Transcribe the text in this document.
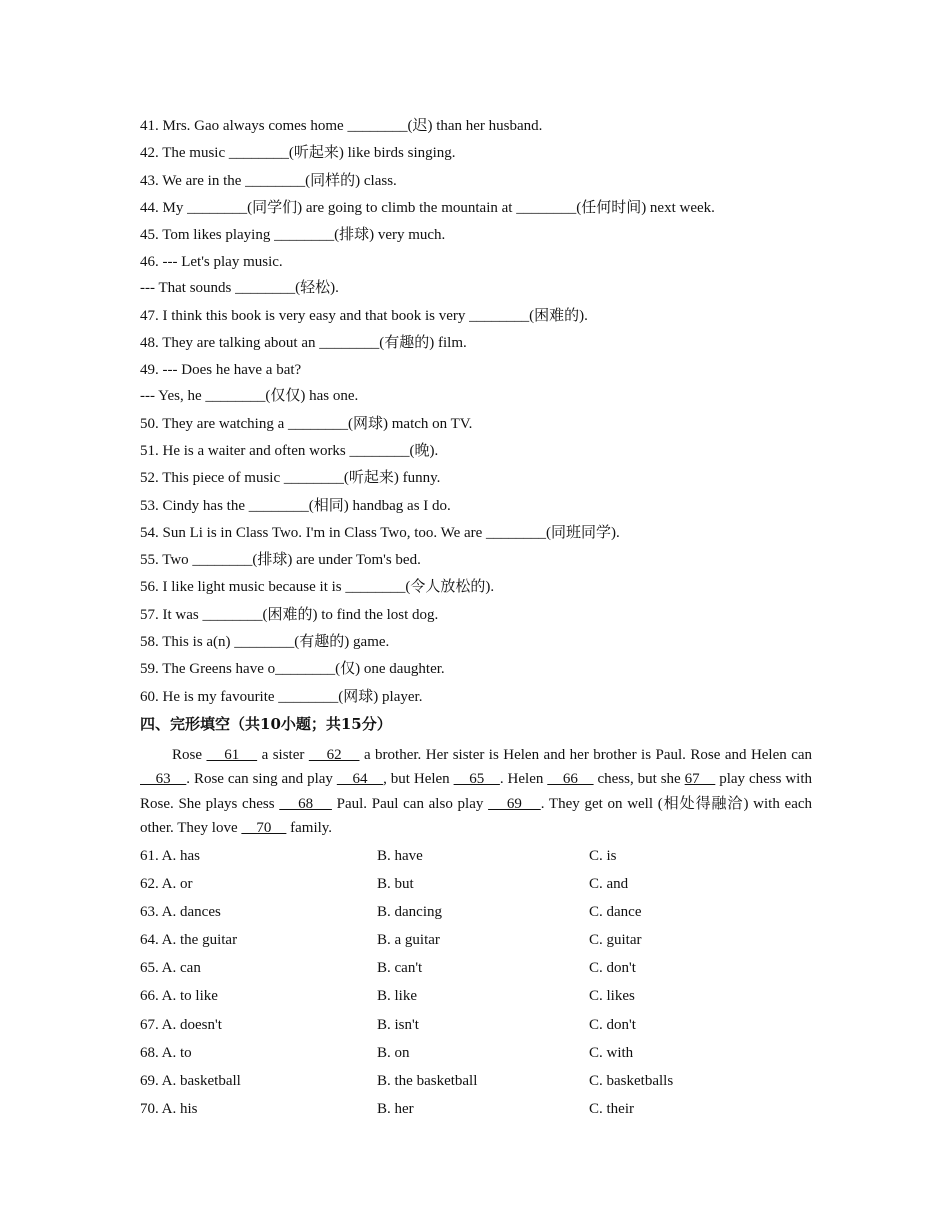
41. Mrs. Gao always comes home ________(迟) than her husband.
42. The music ________(听起来) like birds singing.
43. We are in the ________(同样的) class.
44. My ________(同学们) are going to climb the mountain at ________(任何时间) next week.
45. Tom likes playing ________(排球) very much.
46. --- Let's play music.
--- That sounds ________(轻松).
47. I think this book is very easy and that book is very ________(困难的).
48. They are talking about an ________(有趣的) film.
49. --- Does he have a bat?
--- Yes, he ________(仅仅) has one.
50. They are watching a ________(网球) match on TV.
51. He is a waiter and often works ________(晚).
52. This piece of music ________(听起来) funny.
53. Cindy has the ________(相同) handbag as I do.
54. Sun Li is in Class Two. I'm in Class Two, too. We are ________(同班同学).
55. Two ________(排球) are under Tom's bed.
56. I like light music because it is ________(令人放松的).
57. It was ________(困难的) to find the lost dog.
58. This is a(n) ________(有趣的) game.
59. The Greens have o________(仅) one daughter.
60. He is my favourite ________(网球) player.
四、完形填空（共10小题；共15分）

Rose     61     a sister     62     a brother. Her sister is Helen and her brother is Paul. Rose and Helen can     63    . Rose can sing and play     64    , but Helen     65    . Helen     66     chess, but she 67     play chess with Rose. She plays chess     68     Paul. Paul can also play     69    . They get on well (相处得融洽) with each other. They love     70     family.

61. A. has	B. have	C. is
62. A. or	B. but	C. and
63. A. dances	B. dancing	C. dance
64. A. the guitar	B. a guitar	C. guitar
65. A. can	B. can't	C. don't
66. A. to like	B. like	C. likes
67. A. doesn't	B. isn't	C. don't
68. A. to	B. on	C. with
69. A. basketball	B. the basketball	C. basketballs
70. A. his	B. her	C. their
